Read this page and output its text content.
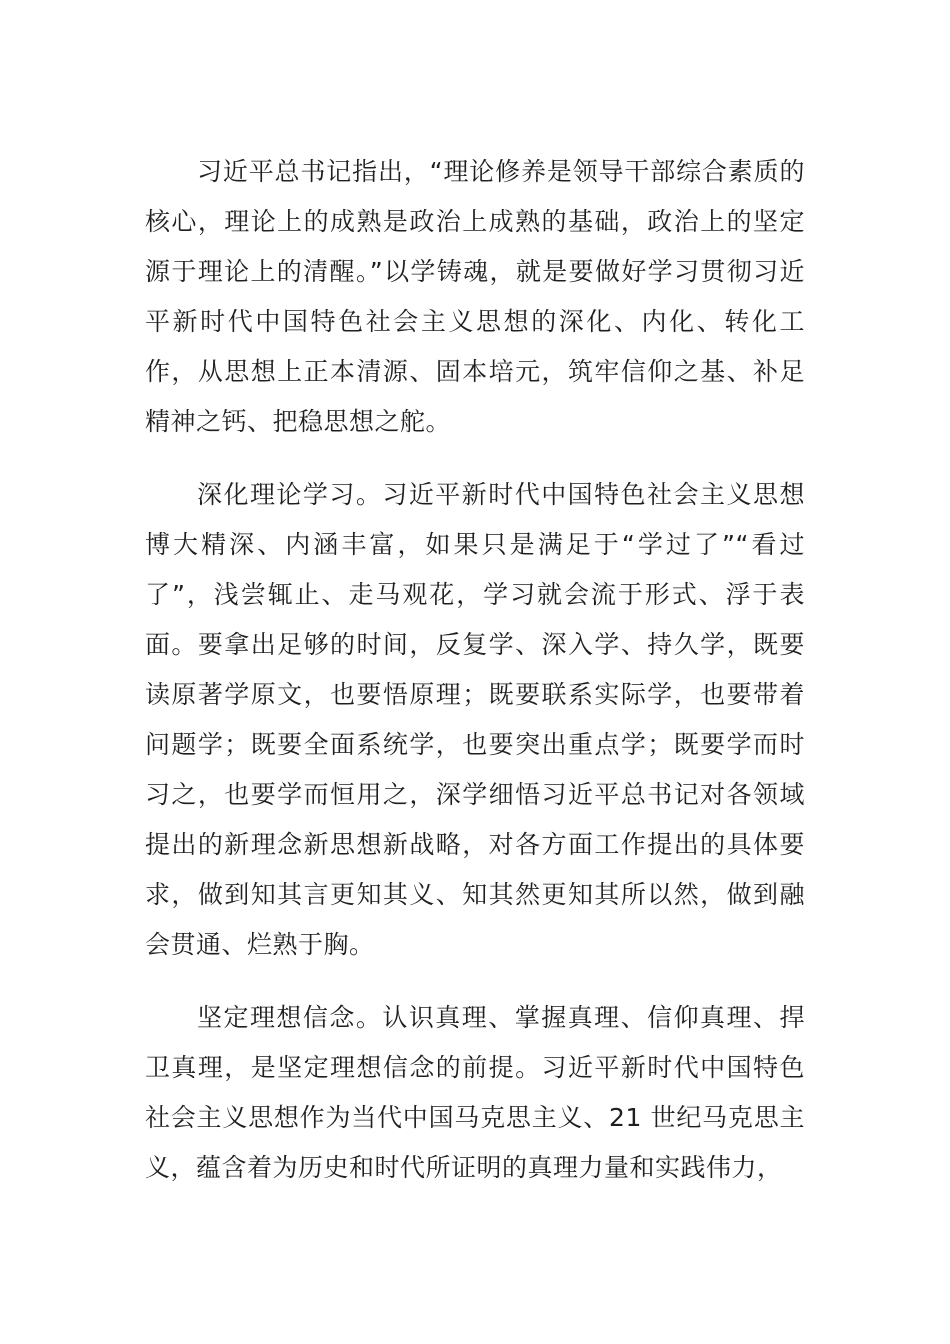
习近平总书记指出，“理论修养是领导干部综合素质的核心，理论上的成熟是政治上成熟的基础，政治上的坚定源于理论上的清醒。”以学铸魂，就是要做好学习贯彻习近平新时代中国特色社会主义思想的深化、内化、转化工作，从思想上正本清源、固本培元，筑牢信仰之基、补足精神之钙、把稳思想之舵。

深化理论学习。习近平新时代中国特色社会主义思想博大精深、内涵丰富，如果只是满足于“学过了”“看过了”，浅尝辄止、走马观花，学习就会流于形式、浮于表面。要拿出足够的时间，反复学、深入学、持久学，既要读原著学原文，也要悟原理；既要联系实际学，也要带着问题学；既要全面系统学，也要突出重点学；既要学而时习之，也要学而恒用之，深学细悟习近平总书记对各领域提出的新理念新思想新战略，对各方面工作提出的具体要求，做到知其言更知其义、知其然更知其所以然，做到融会贯通、烂熟于胸。

坚定理想信念。认识真理、掌握真理、信仰真理、捍卫真理，是坚定理想信念的前提。习近平新时代中国特色社会主义思想作为当代中国马克思主义、21 世纪马克思主义，蕴含着为历史和时代所证明的真理力量和实践伟力，
